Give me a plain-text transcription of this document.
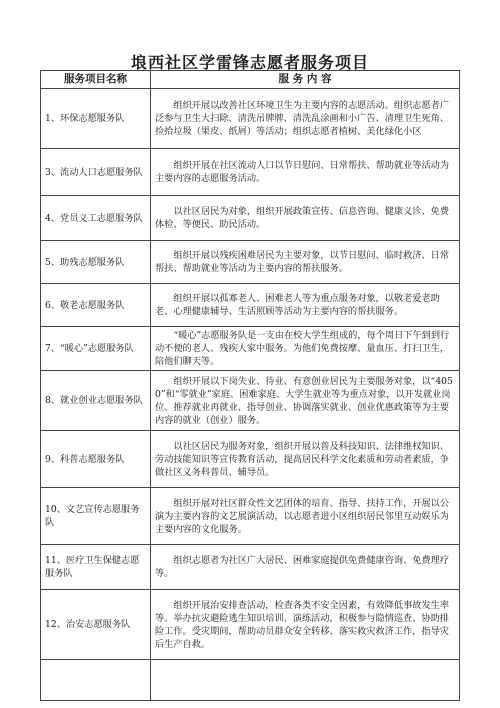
埌西社区学雷锋志愿者服务项目
服务项目名称	服 务 内 容
1、环保志愿服务队	组织开展以改善社区环境卫生为主要内容的志愿活动。组织志愿者广泛参与卫生大扫除、清洗吊牌牌、清洗乱涂画和小广告、清理卫生死角、捡拾垃圾（果皮、纸屑）等活动；组织志愿者植树、美化绿化小区
3、流动人口志愿服务队	组织开展在社区流动人口以节日慰问、日常帮扶、帮助就业等活动为主要内容的志愿服务活动。
4、党员义工志愿服务队	以社区居民为对象，组织开展政策宣传、信息咨询、健康义诊、免费体检、等便民、助民活动。
5、助残志愿服务队	组织开展以残疾困难居民为主要对象，以节日慰问、临时救济、日常帮扶、帮助就业等活动为主要内容的帮扶服务。
6、敬老志愿服务队	组织开展以孤寡老人、困难老人等为重点服务对象，以敬老爱老助老、心理健康辅导、生活照顾等活动为主要内容的帮扶服务。
7、“暖心”志愿服务队	“暖心”志愿服务队是一支由在校大学生组成的，每个周日下午到到行动不便的老人、残疾人家中服务。为他们免费按摩、量血压、打扫卫生，陪他们聊天等。
8、就业创业志愿服务队	组织开展以下岗失业、待业、有意创业居民为主要服务对象，以“4050”和“零就业”家庭、困难家庭、大学生就业等为重点对象，以开发就业岗位、推荐就业再就业、指导创业、协调落实就业、创业优惠政策等为主要内容的就业（创业）服务。
9、科普志愿服务队	以社区居民为服务对象，组织开展以普及科技知识、法律维权知识、劳动技能知识等宣传教育活动，提高居民科学文化素质和劳动者素质，争做社区义务科普员、辅导员。
10、文艺宣传志愿服务队	组织开展对社区群众性文艺团体的培育、指导、扶持工作，开展以公演为主要内容的文艺展演活动，以志愿者进小区组织居民邻里互动娱乐为主要内容的文化服务。
11、医疗卫生保健志愿服务队	组织志愿者为社区广大居民、困难家庭提供免费健康咨询、免费理疗等。
12、治安志愿服务队	组织开展治安排查活动，检查各类不安全因素，有效降低事故发生率等。举办抗灾避险逃生知识培训、演练活动，积极参与隐情巡查、协助排险工作。受灾期间，帮助动员群众安全转移、落实救灾救济工作，指导灾后生产自救。
